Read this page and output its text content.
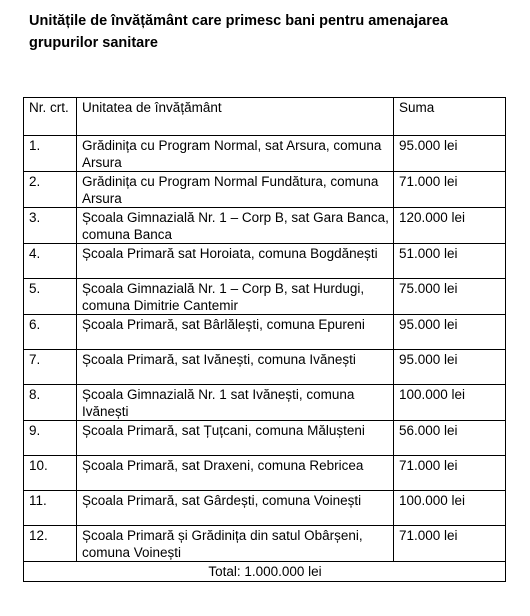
Unitățile de învățământ care primesc bani pentru amenajarea grupurilor sanitare
Nr. crt.	Unitatea de învățământ	Suma
1.	Grădinița cu Program Normal, sat Arsura, comuna Arsura	95.000 lei
2.	Grădinița cu Program Normal Fundătura, comuna Arsura	71.000 lei
3.	Școala Gimnazială Nr. 1 – Corp B, sat Gara Banca, comuna Banca	120.000 lei
4.	Școala Primară sat Horoiata, comuna Bogdănești	51.000 lei
5.	Școala Gimnazială Nr. 1 – Corp B, sat Hurdugi, comuna Dimitrie Cantemir	75.000 lei
6.	Școala Primară, sat Bârlălești, comuna Epureni	95.000 lei
7.	Școala Primară, sat Ivănești, comuna Ivănești	95.000 lei
8.	Școala Gimnazială Nr. 1 sat Ivănești, comuna Ivănești	100.000 lei
9.	Școala Primară, sat Țuțcani, comuna Mălușteni	56.000 lei
10.	Școala Primară, sat Draxeni, comuna Rebricea	71.000 lei
11.	Școala Primară, sat Gârdești, comuna Voinești	100.000 lei
12.	Școala Primară și Grădinița din satul Obârșeni, comuna Voinești	71.000 lei
Total: 1.000.000 lei		
